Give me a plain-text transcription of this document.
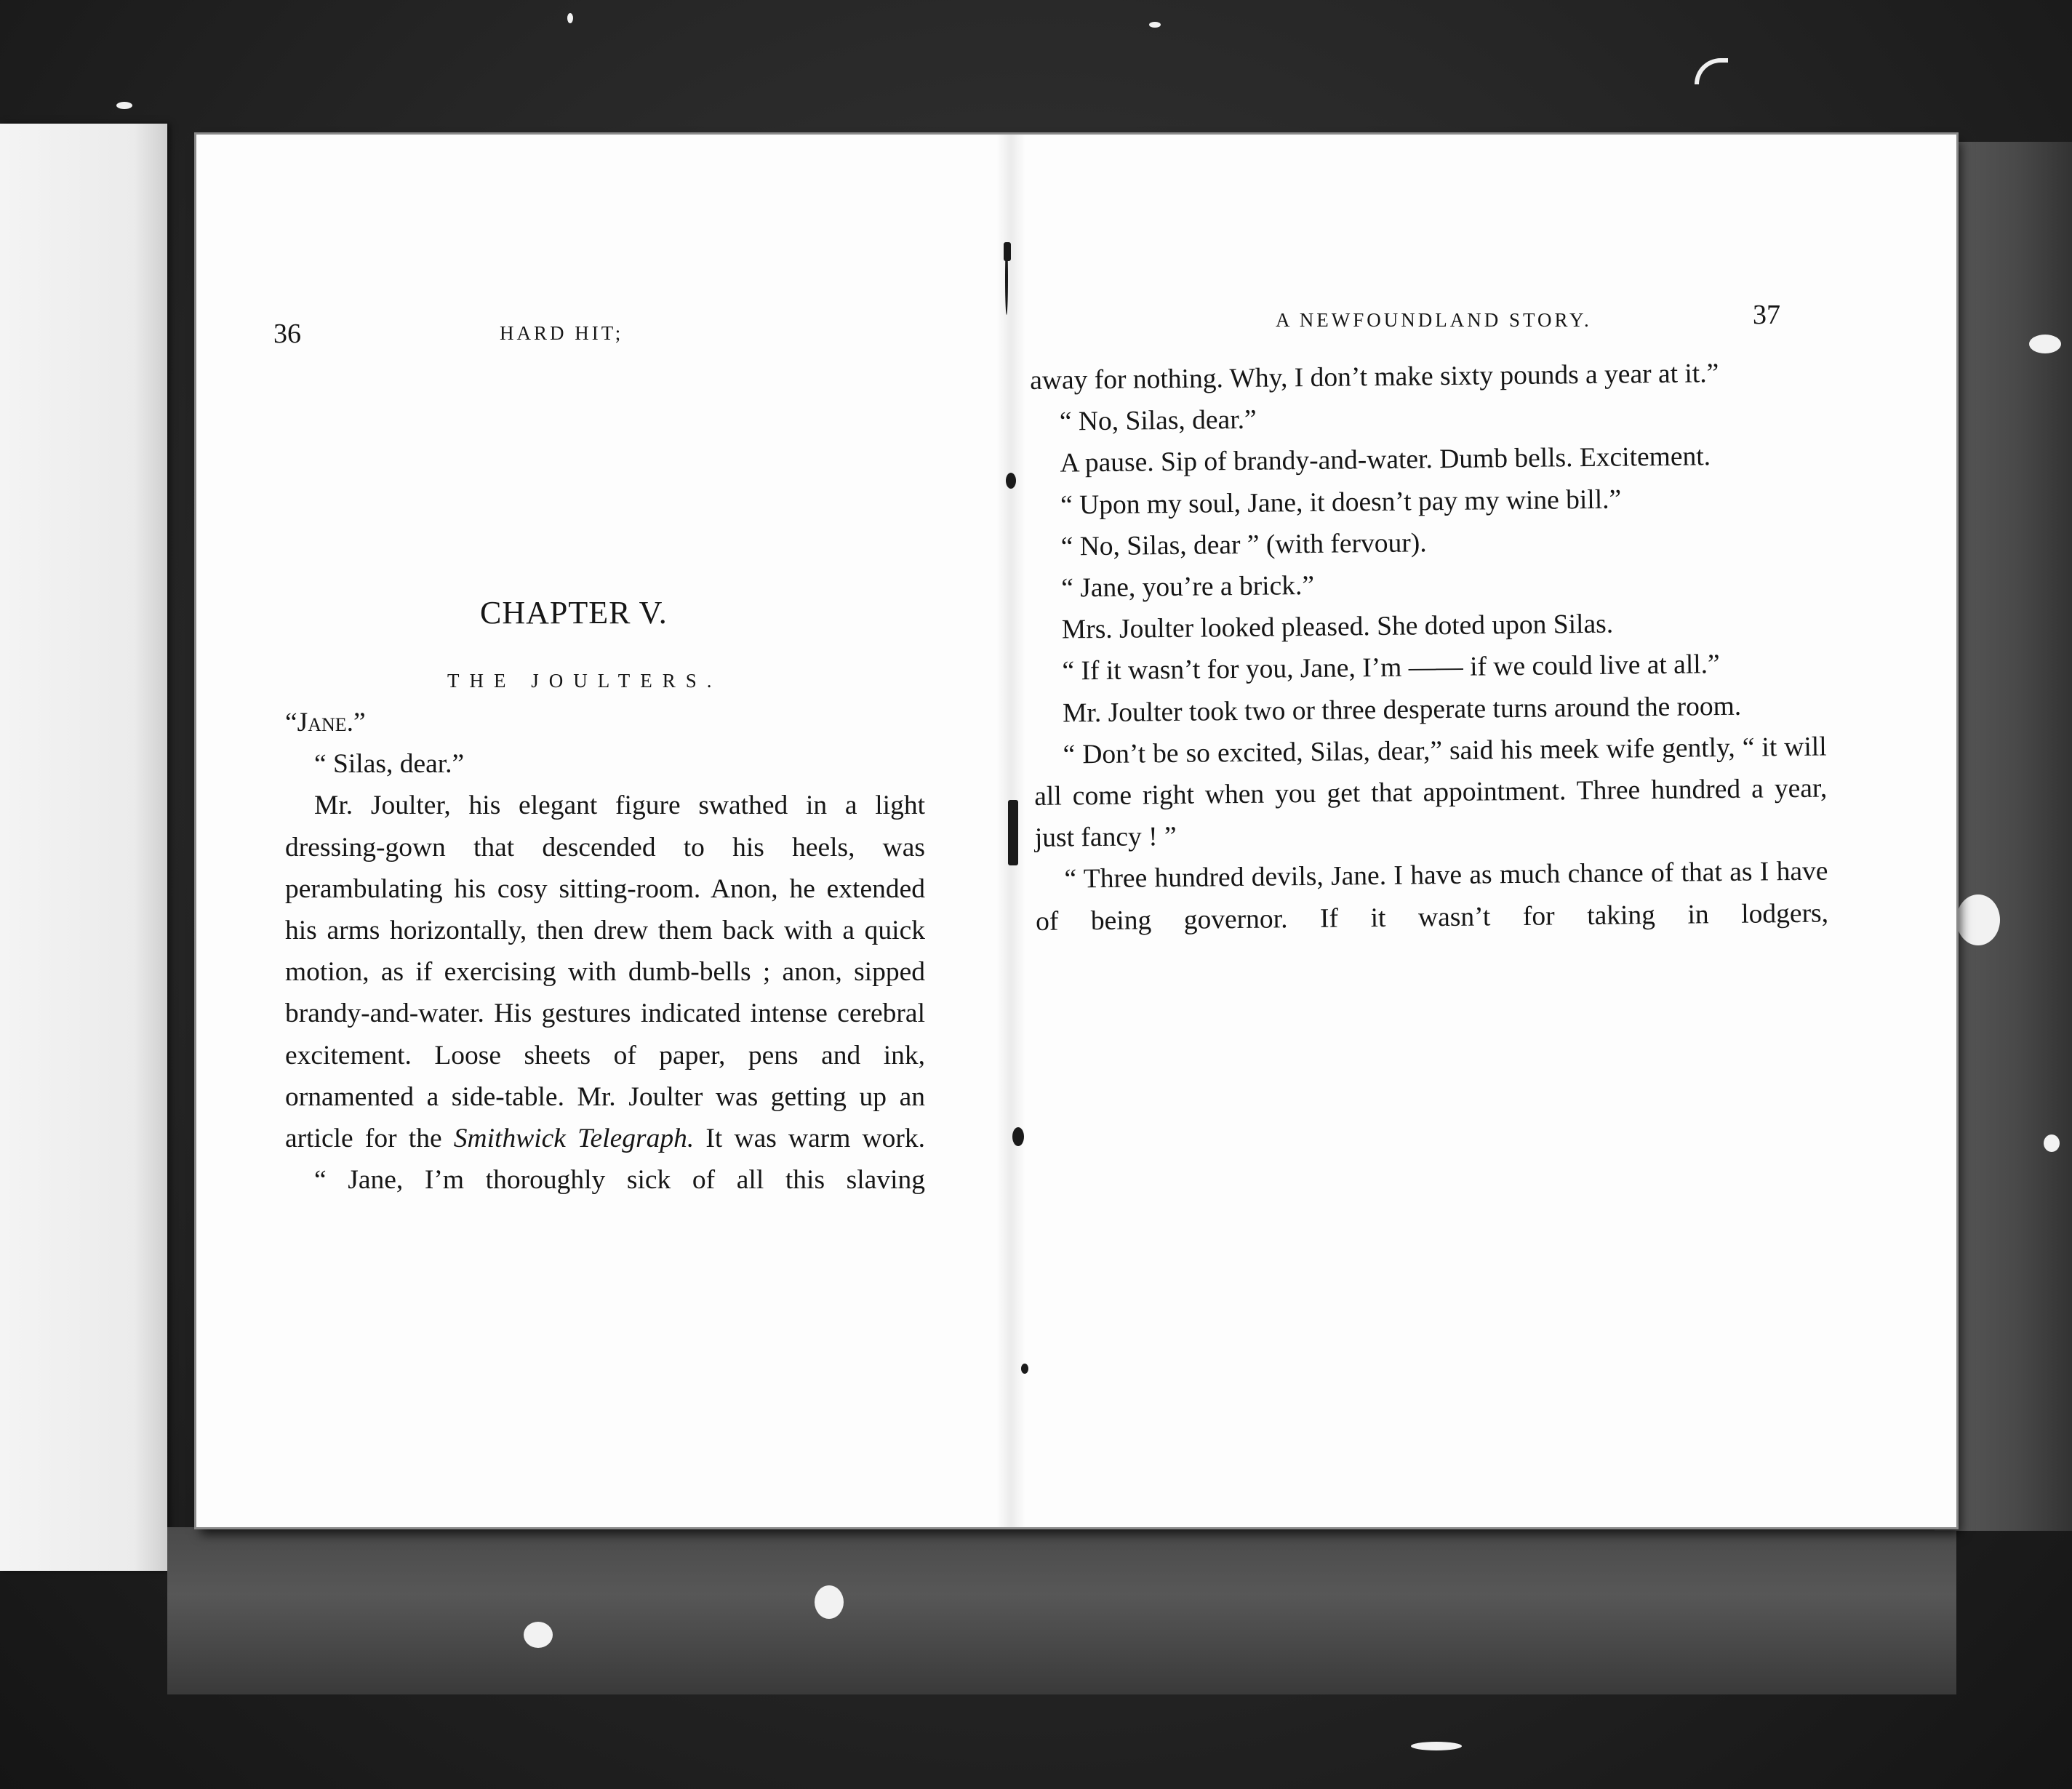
36	HARD HIT;
CHAPTER V.
THE JOULTERS.

“Jane.”

“ Silas, dear.”

Mr. Joulter, his elegant figure swathed in a light dressing-gown that descended to his heels, was perambulating his cosy sitting-room. Anon, he extended his arms horizontally, then drew them back with a quick motion, as if exercising with dumb-bells ; anon, sipped brandy-and-water. His gestures indicated intense cerebral excitement. Loose sheets of paper, pens and ink, ornamented a side-table. Mr. Joulter was getting up an article for the Smithwick Telegraph. It was warm work.

“ Jane, I’m thoroughly sick of all this slaving

A NEWFOUNDLAND STORY.	37

away for nothing. Why, I don’t make sixty pounds a year at it.”

“ No, Silas, dear.”

A pause. Sip of brandy-and-water. Dumb bells. Excitement.

“ Upon my soul, Jane, it doesn’t pay my wine bill.”

“ No, Silas, dear ” (with fervour).

“ Jane, you’re a brick.”

Mrs. Joulter looked pleased. She doted upon Silas.

“ If it wasn’t for you, Jane, I’m —— if we could live at all.”

Mr. Joulter took two or three desperate turns around the room.

“ Don’t be so excited, Silas, dear,” said his meek wife gently, “ it will all come right when you get that appointment. Three hundred a year, just fancy ! ”

“ Three hundred devils, Jane. I have as much chance of that as I have of being governor. If it wasn’t for taking in lodgers,
